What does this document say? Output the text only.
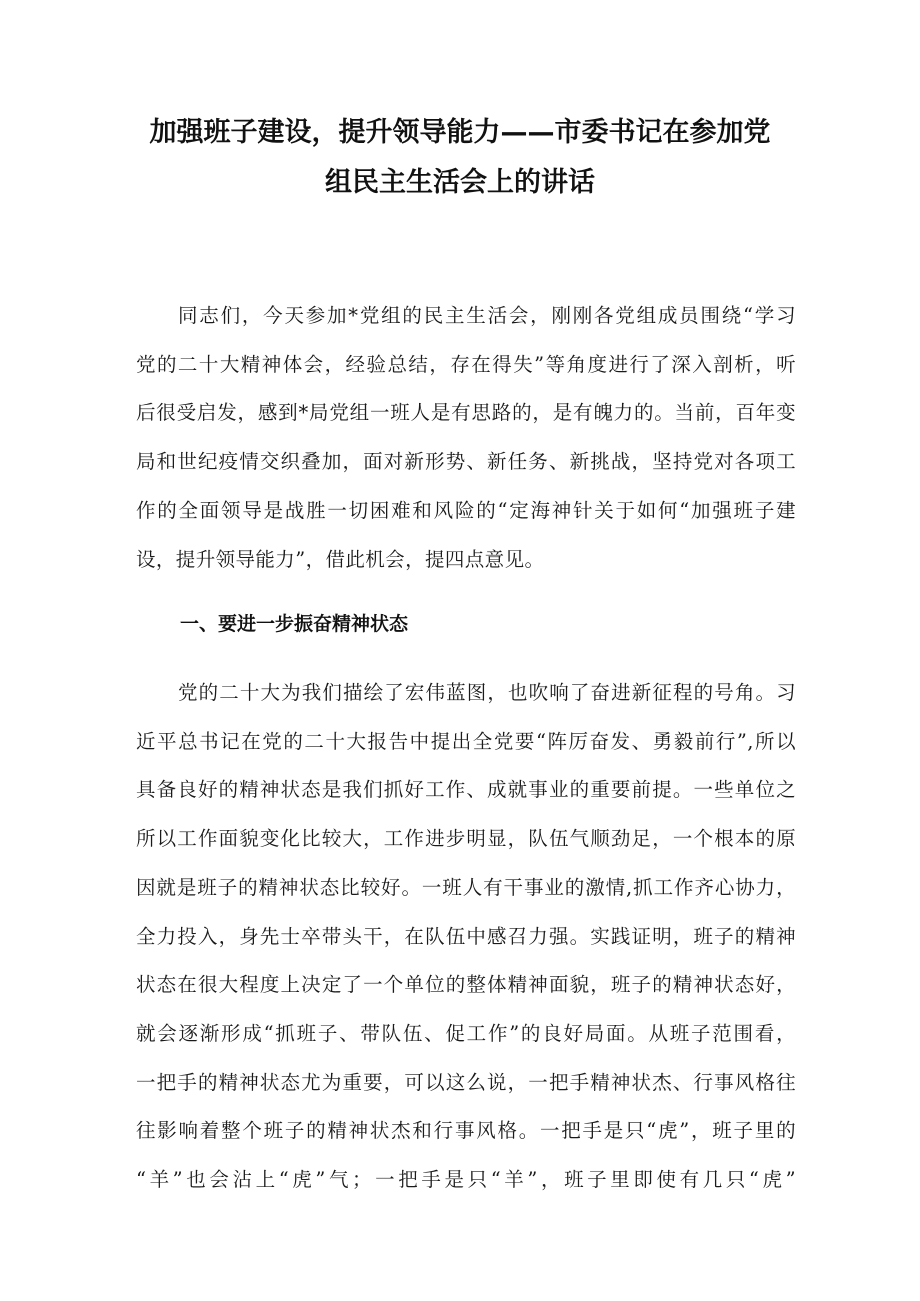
加强班子建设，提升领导能力——市委书记在参加党
组民主生活会上的讲话

同志们，今天参加*党组的民主生活会，刚刚各党组成员围绕“学习
党的二十大精神体会，经验总结，存在得失”等角度进行了深入剖析，听
后很受启发，感到*局党组一班人是有思路的，是有魄力的。当前，百年变
局和世纪疫情交织叠加，面对新形势、新任务、新挑战，坚持党对各项工
作的全面领导是战胜一切困难和风险的“定海神针关于如何“加强班子建
设，提升领导能力”，借此机会，提四点意见。

一、要进一步振奋精神状态

党的二十大为我们描绘了宏伟蓝图，也吹响了奋进新征程的号角。习
近平总书记在党的二十大报告中提出全党要“阵厉奋发、勇毅前行”,所以
具备良好的精神状态是我们抓好工作、成就事业的重要前提。一些单位之
所以工作面貌变化比较大，工作进步明显，队伍气顺劲足，一个根本的原
因就是班子的精神状态比较好。一班人有干事业的激情,抓工作齐心协力，
全力投入，身先士卒带头干，在队伍中感召力强。实践证明，班子的精神
状态在很大程度上决定了一个单位的整体精神面貌，班子的精神状态好，
就会逐渐形成“抓班子、带队伍、促工作”的良好局面。从班子范围看，
一把手的精神状态尤为重要，可以这么说，一把手精神状杰、行事风格往
往影响着整个班子的精神状杰和行事风格。一把手是只“虎”，班子里的
“羊”也会沾上“虎”气；一把手是只“羊”，班子里即使有几只“虎”
